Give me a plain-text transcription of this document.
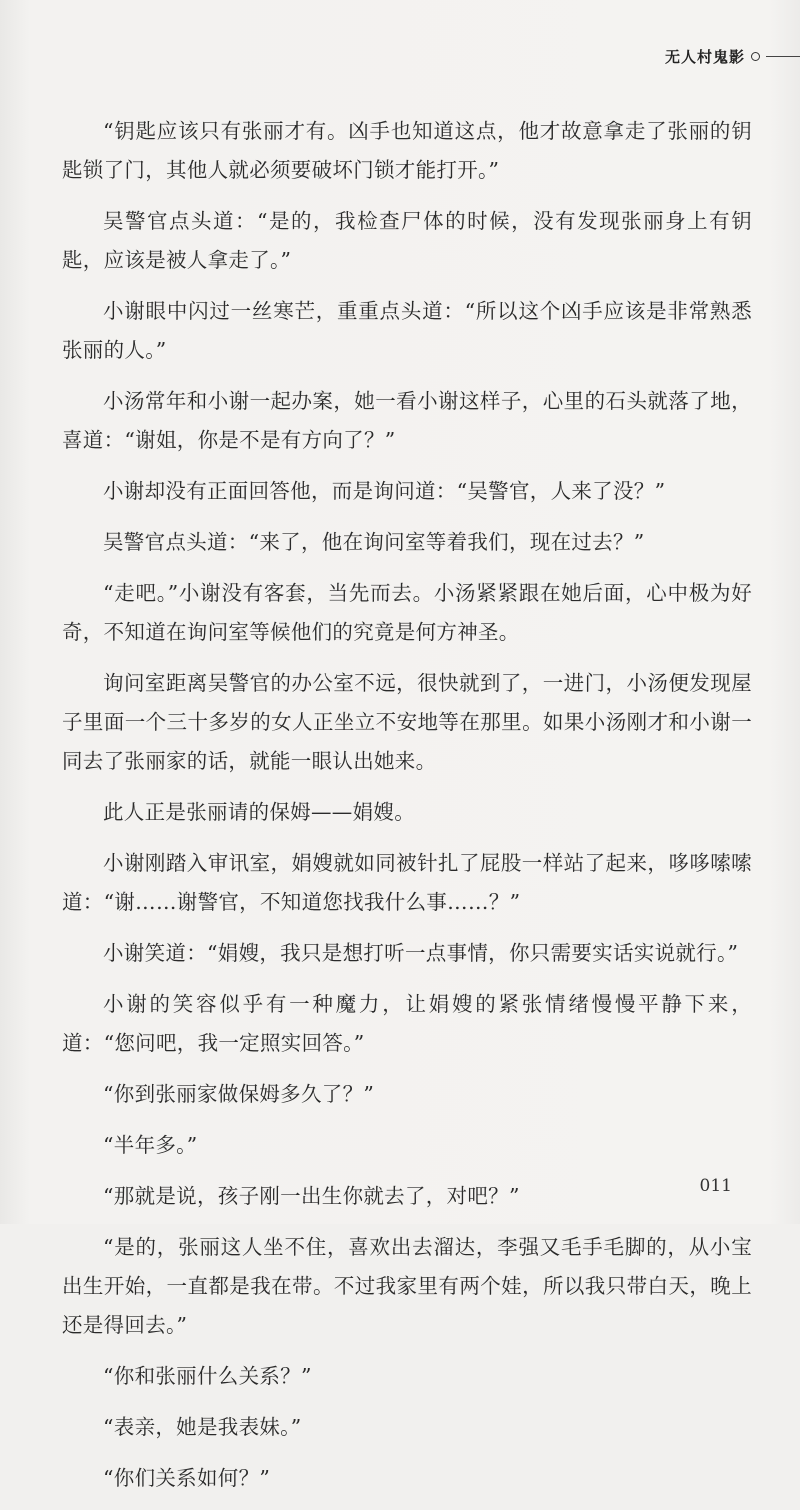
无人村鬼影

“钥匙应该只有张丽才有。凶手也知道这点，他才故意拿走了张丽的钥匙锁了门，其他人就必须要破坏门锁才能打开。”

吴警官点头道：“是的，我检查尸体的时候，没有发现张丽身上有钥匙，应该是被人拿走了。”

小谢眼中闪过一丝寒芒，重重点头道：“所以这个凶手应该是非常熟悉张丽的人。”

小汤常年和小谢一起办案，她一看小谢这样子，心里的石头就落了地，喜道：“谢姐，你是不是有方向了？”

小谢却没有正面回答他，而是询问道：“吴警官，人来了没？”

吴警官点头道：“来了，他在询问室等着我们，现在过去？”

“走吧。”小谢没有客套，当先而去。小汤紧紧跟在她后面，心中极为好奇，不知道在询问室等候他们的究竟是何方神圣。

询问室距离吴警官的办公室不远，很快就到了，一进门，小汤便发现屋子里面一个三十多岁的女人正坐立不安地等在那里。如果小汤刚才和小谢一同去了张丽家的话，就能一眼认出她来。

此人正是张丽请的保姆——娟嫂。

小谢刚踏入审讯室，娟嫂就如同被针扎了屁股一样站了起来，哆哆嗦嗦道：“谢……谢警官，不知道您找我什么事……？”

小谢笑道：“娟嫂，我只是想打听一点事情，你只需要实话实说就行。”

小谢的笑容似乎有一种魔力，让娟嫂的紧张情绪慢慢平静下来，道：“您问吧，我一定照实回答。”

“你到张丽家做保姆多久了？”

“半年多。”

“那就是说，孩子刚一出生你就去了，对吧？”

“是的，张丽这人坐不住，喜欢出去溜达，李强又毛手毛脚的，从小宝出生开始，一直都是我在带。不过我家里有两个娃，所以我只带白天，晚上还是得回去。”

“你和张丽什么关系？”

“表亲，她是我表妹。”

“你们关系如何？”

011
